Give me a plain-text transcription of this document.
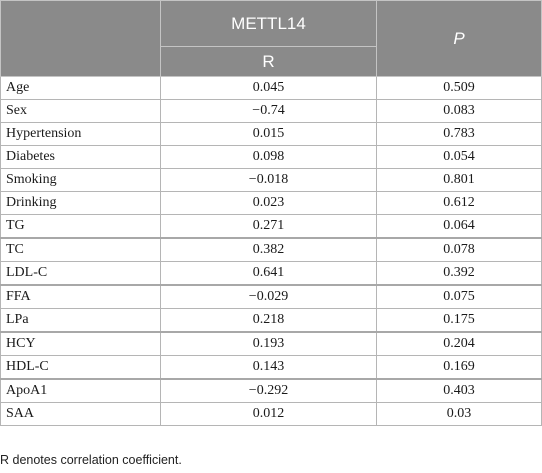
	METTL14	P
	R	
Age	0.045	0.509
Sex	−0.74	0.083
Hypertension	0.015	0.783
Diabetes	0.098	0.054
Smoking	−0.018	0.801
Drinking	0.023	0.612
TG	0.271	0.064
TC	0.382	0.078
LDL-C	0.641	0.392
FFA	−0.029	0.075
LPa	0.218	0.175
HCY	0.193	0.204
HDL-C	0.143	0.169
ApoA1	−0.292	0.403
SAA	0.012	0.03
R denotes correlation coefficient.
